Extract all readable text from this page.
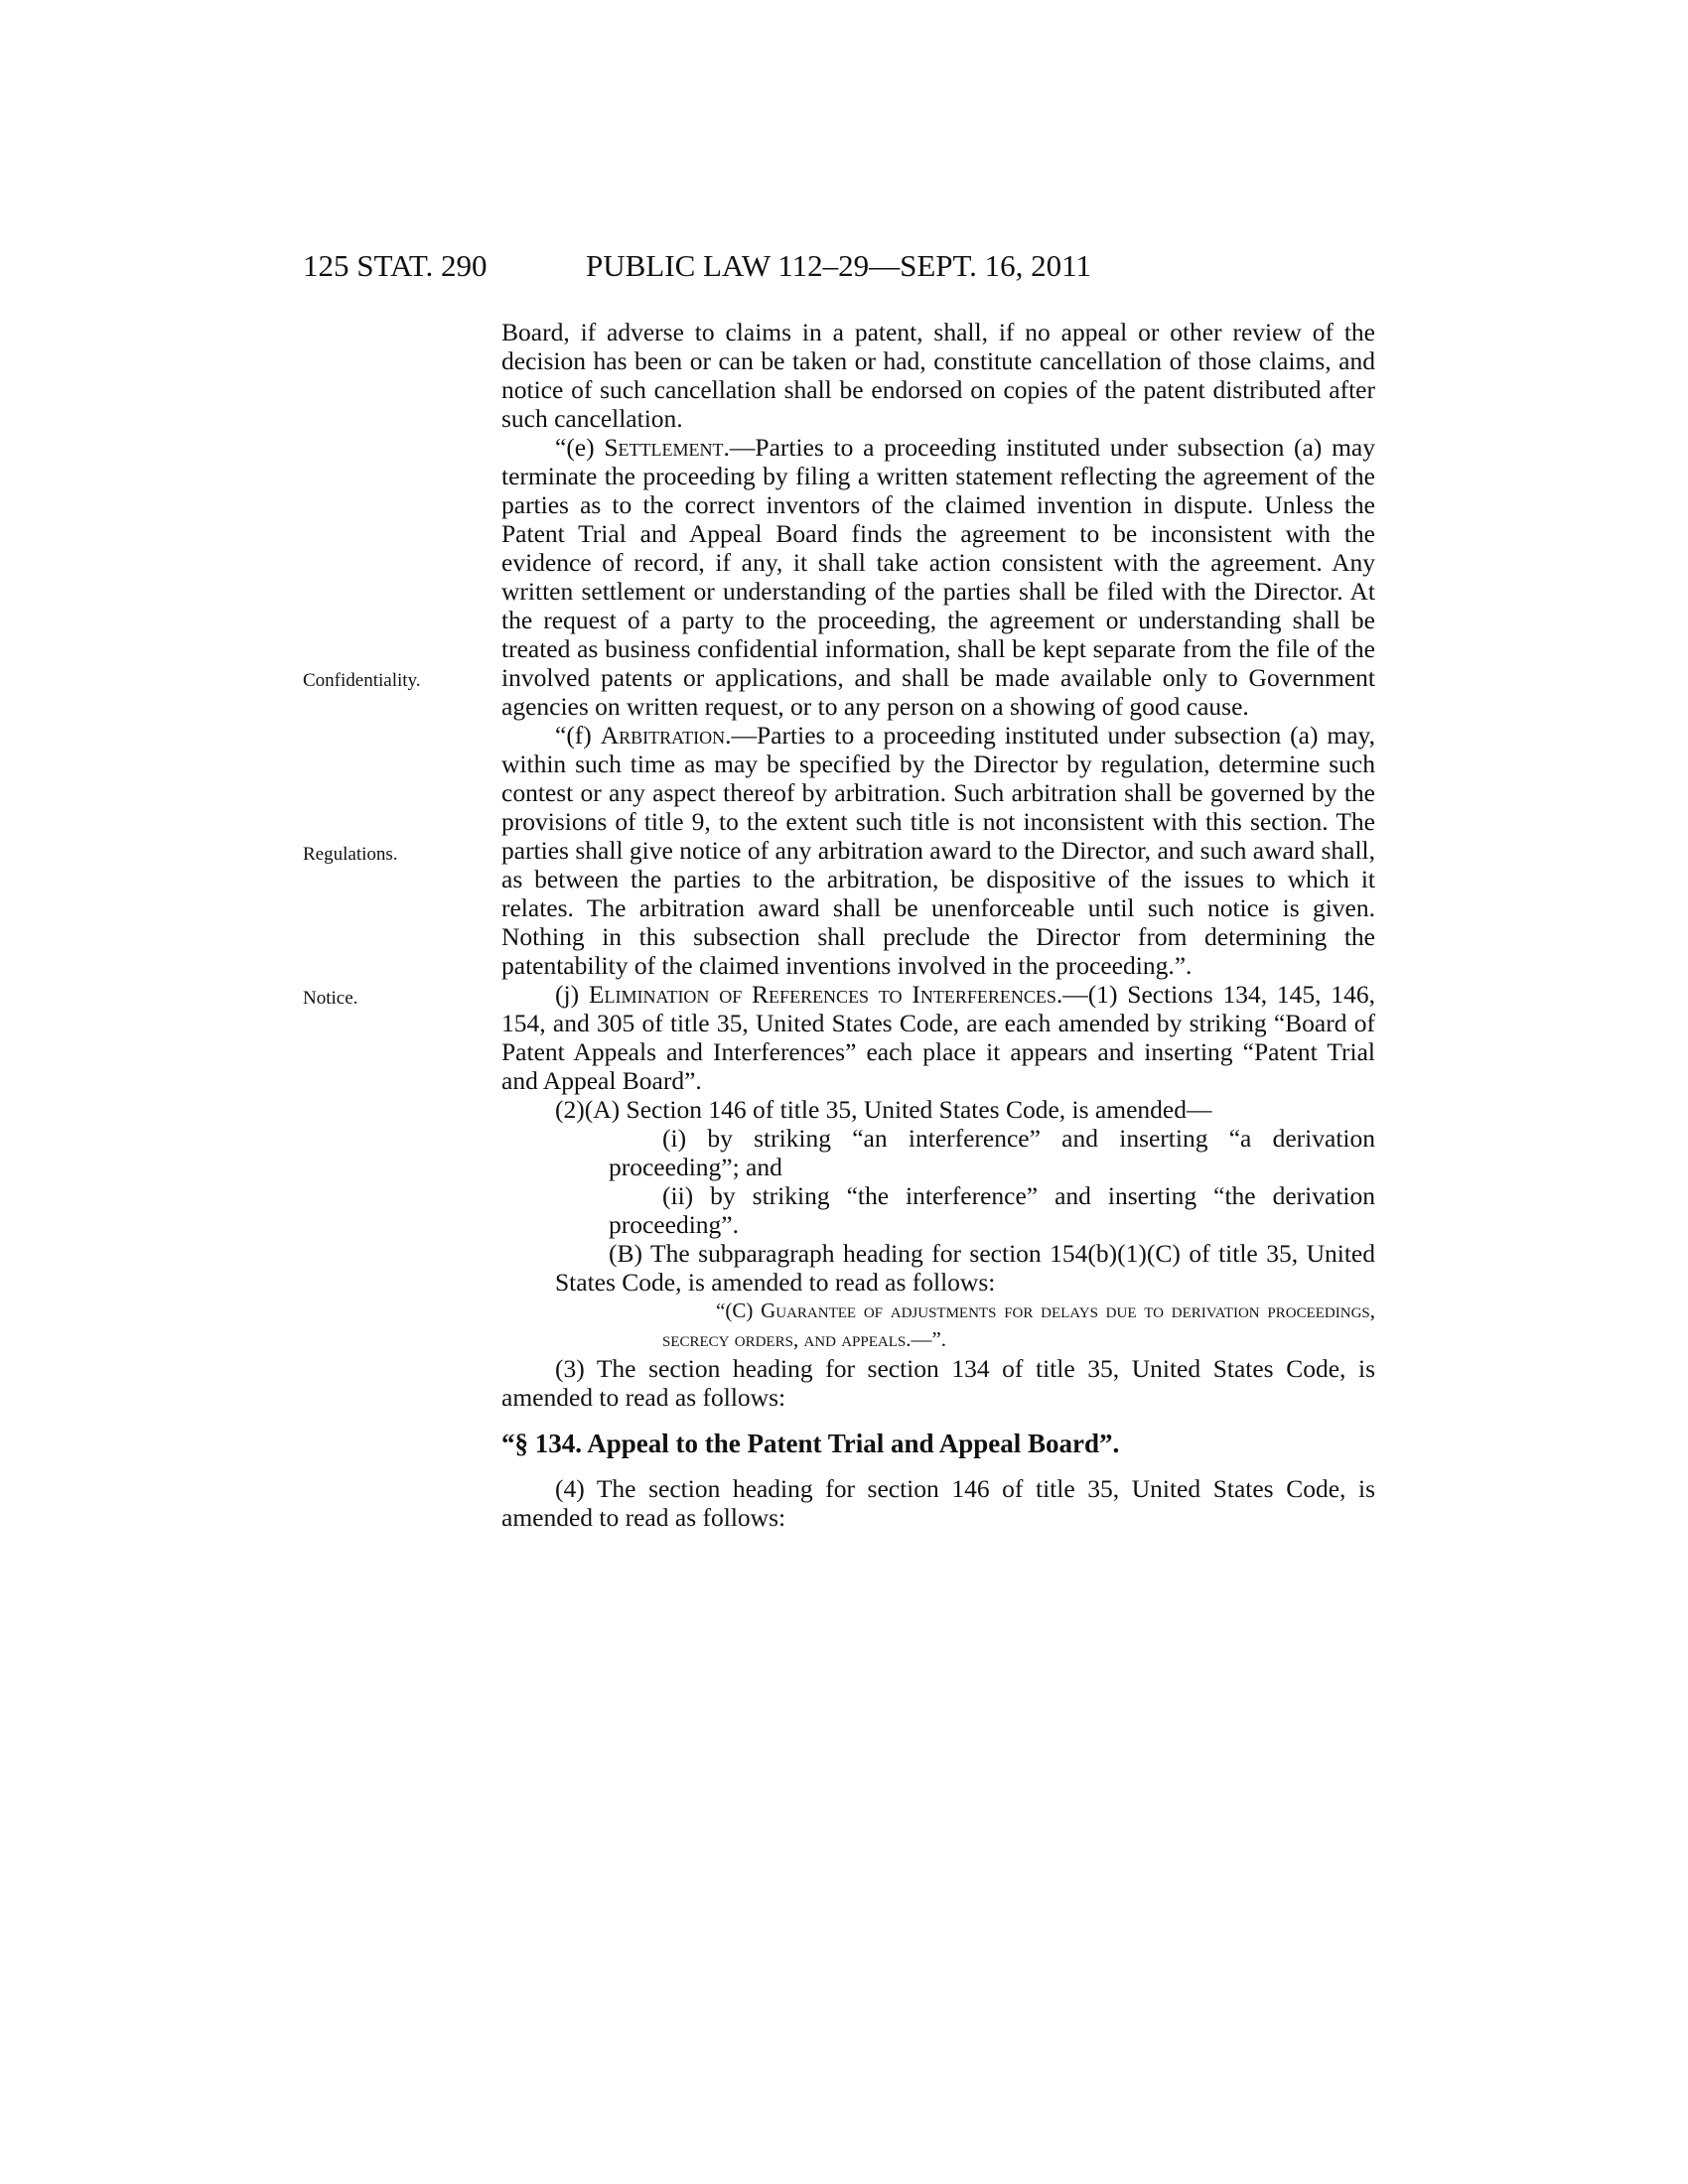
125 STAT. 290	PUBLIC LAW 112–29—SEPT. 16, 2011
Confidentiality.
Regulations.
Notice.

Board, if adverse to claims in a patent, shall, if no appeal or other review of the decision has been or can be taken or had, constitute cancellation of those claims, and notice of such cancellation shall be endorsed on copies of the patent distributed after such cancellation.

“(e) Settlement.—Parties to a proceeding instituted under subsection (a) may terminate the proceeding by filing a written statement reflecting the agreement of the parties as to the correct inventors of the claimed invention in dispute. Unless the Patent Trial and Appeal Board finds the agreement to be inconsistent with the evidence of record, if any, it shall take action consistent with the agreement. Any written settlement or understanding of the parties shall be filed with the Director. At the request of a party to the proceeding, the agreement or understanding shall be treated as business confidential information, shall be kept separate from the file of the involved patents or applications, and shall be made available only to Government agencies on written request, or to any person on a showing of good cause.

“(f) Arbitration.—Parties to a proceeding instituted under subsection (a) may, within such time as may be specified by the Director by regulation, determine such contest or any aspect thereof by arbitration. Such arbitration shall be governed by the provisions of title 9, to the extent such title is not inconsistent with this section. The parties shall give notice of any arbitration award to the Director, and such award shall, as between the parties to the arbitration, be dispositive of the issues to which it relates. The arbitration award shall be unenforceable until such notice is given. Nothing in this subsection shall preclude the Director from determining the patentability of the claimed inventions involved in the proceeding.”.

(j) Elimination of References to Interferences.—(1) Sections 134, 145, 146, 154, and 305 of title 35, United States Code, are each amended by striking “Board of Patent Appeals and Interferences” each place it appears and inserting “Patent Trial and Appeal Board”.

(2)(A) Section 146 of title 35, United States Code, is amended—

(i) by striking “an interference” and inserting “a derivation proceeding”; and

(ii) by striking “the interference” and inserting “the derivation proceeding”.

(B) The subparagraph heading for section 154(b)(1)(C) of title 35, United States Code, is amended to read as follows:

“(C) Guarantee of adjustments for delays due to derivation proceedings, secrecy orders, and appeals.—”.

(3) The section heading for section 134 of title 35, United States Code, is amended to read as follows:

“§ 134. Appeal to the Patent Trial and Appeal Board”.

(4) The section heading for section 146 of title 35, United States Code, is amended to read as follows:
